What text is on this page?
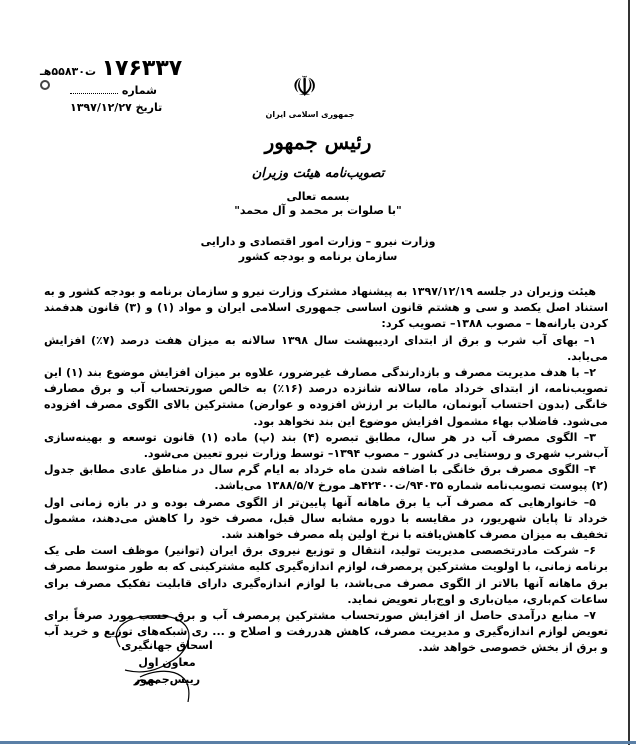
۱۷۶۳۳۷ ت۵۵۸۳۰هـ
شماره
تاریخ ۱۳۹۷/۱۲/۲۷
☫
جمهوری اسلامی ایران
رئیس جمهور
تصویب‌نامه هیئت وزیران
بسمه تعالی
"با صلوات بر محمد و آل محمد"
وزارت نیرو – وزارت امور اقتصادی و دارایی
سازمان برنامه و بودجه کشور

هیئت وزیران در جلسه ۱۳۹۷/۱۲/۱۹ به پیشنهاد مشترک وزارت نیرو و سازمان برنامه و بودجه کشور و به استناد اصل یکصد و سی و هشتم قانون اساسی جمهوری اسلامی ایران و مواد (۱) و (۳) قانون هدفمند کردن یارانه‌ها – مصوب ۱۳۸۸– تصویب کرد:

۱– بهای آب شرب و برق از ابتدای اردیبهشت سال ۱۳۹۸ سالانه به میزان هفت درصد (۷٪) افزایش می‌یابد.

۲– با هدف مدیریت مصرف و بازدارندگی مصارف غیرضرور، علاوه بر میزان افزایش موضوع بند (۱) این تصویب‌نامه، از ابتدای خرداد ماه، سالانه شانزده درصد (۱۶٪) به خالص صورتحساب آب و برق مصارف خانگی (بدون احتساب آبونمان، مالیات بر ارزش افزوده و عوارض) مشترکین بالای الگوی مصرف افزوده می‌شود. فاضلاب بهاء مشمول افزایش موضوع این بند نخواهد بود.

۳– الگوی مصرف آب در هر سال، مطابق تبصره (۴) بند (پ) ماده (۱) قانون توسعه و بهینه‌سازی آب‌شرب شهری و روستایی در کشور – مصوب ۱۳۹۴– توسط وزارت نیرو تعیین می‌شود.

۴– الگوی مصرف برق خانگی با اضافه شدن ماه خرداد به ایام گرم سال در مناطق عادی مطابق جدول (۲) پیوست تصویب‌نامه شماره ۹۴۰۳۵/ت۴۲۴۰۰هـ مورخ ۱۳۸۸/۵/۷ می‌باشد.

۵– خانوارهایی که مصرف آب یا برق ماهانه آنها پایین‌تر از الگوی مصرف بوده و در بازه زمانی اول خرداد تا پایان شهریور، در مقایسه با دوره مشابه سال قبل، مصرف خود را کاهش می‌دهند، مشمول تخفیف به میزان مصرف کاهش‌یافته با نرخ اولین پله مصرف خواهند شد.

۶– شرکت مادرتخصصی مدیریت تولید، انتقال و توزیع نیروی برق ایران (توانیر) موظف است طی یک برنامه زمانی، با اولویت مشترکین پرمصرف، لوازم اندازه‌گیری کلیه مشترکینی که به طور متوسط مصرف برق ماهانه آنها بالاتر از الگوی مصرف می‌باشد، با لوازم اندازه‌گیری دارای قابلیت تفکیک مصرف برای ساعات کم‌باری، میان‌باری و اوج‌بار تعویض نماید.

۷– منابع درآمدی حاصل از افزایش صورتحساب مشترکین پرمصرف آب و برق حسب مورد صرفاً برای تعویض لوازم اندازه‌گیری و مدیریت مصرف، کاهش هدررفت و اصلاح و ... ری شبکه‌های توزیع و خرید آب و برق از بخش خصوصی خواهد شد.

اسحاق جهانگیری
معاون اول رییس‌جمهور
